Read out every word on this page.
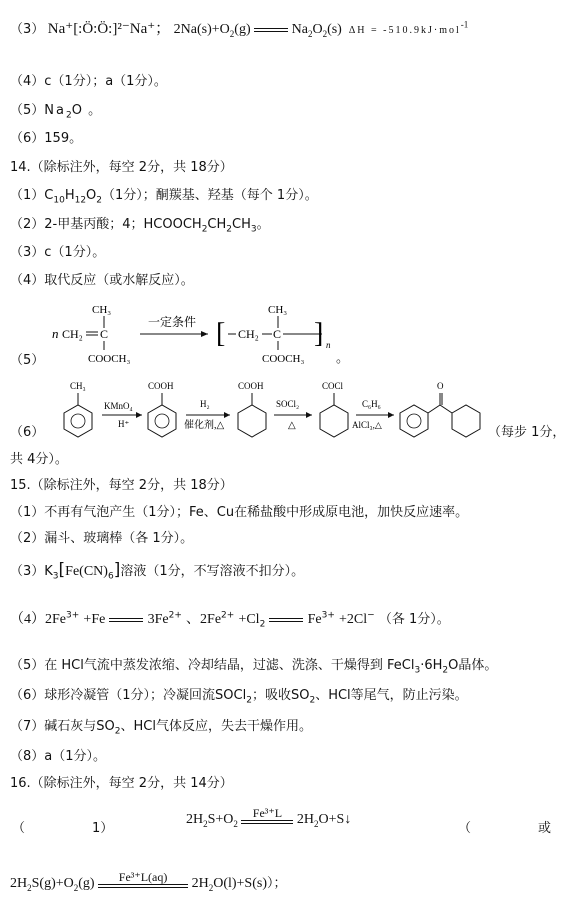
（3） Na⁺[:Ö:Ö:]²⁻Na⁺； $2Na(s)+O_2(g)$	$Na_2O_2(s) \Delta H = -510.9kJ\cdot mol^{-1}$
（4）c（1分）；a（1分）。
$(5)Na_2O$ 。
（6）159。
14.（除标注外，每空 2分，共 18分）
$(1)C_{10}H_{12}O_2(1$分）；酮羰基、羟基（每个 1分）。
（2）2-甲基丙酸；4；$HCOOCH_2CH_2CH_3$。
（3）c（1分）。
（4）取代反应（或水解反应）。
（5）
n CH₂ C
CH₃
COOCH₃
一定条件 [ CH₂ C
CH₃
COOCH₃
] n
。
（6）
CH₃
KMnO₄
H⁺
COOH
H₂
催化剂,△
COOH
SOCl₂
△
COCl
C₆H₆
AlCl₃,△
O
（每步 1分，
共 4分）。
15.（除标注外，每空 2分，共 18分）
（1）不再有气泡产生（1分）；Fe、Cu在稀盐酸中形成原电池，加快反应速率。
（2）漏斗、玻璃棒（各 1分）。
$(3)K_3[Fe(CN)_6]$溶液（1分，不写溶液不扣分）。
$(4)2Fe^{3+} +Fe$	$3Fe^{2+}$ 、$2Fe^{2+} +Cl_2$	$Fe^{3+} +2Cl^-$ （各 1分）。
（5）在 HCl气流中蒸发浓缩、冷却结晶，过滤、洗涤、干燥得到 $FeCl_3\cdot 6H_2O$晶体。
（6）球形冷凝管（1分）；冷凝回流SOCl$_2$；吸收$SO_2$、HCl等尾气，防止污染。
（7）碱石灰与$SO_2$、HCl气体反应，失去干燥作用。
（8）a（1分）。
16.（除标注外，每空 2分，共 14分）
（	1）
$2H_2S+O_2$
Fe³⁺L	$2H_2O+S↓$
（	或
$2H_2S(g)+O_2(g)$	Fe³⁺L(aq)	$2H_2O(l)+S(s)$）；
